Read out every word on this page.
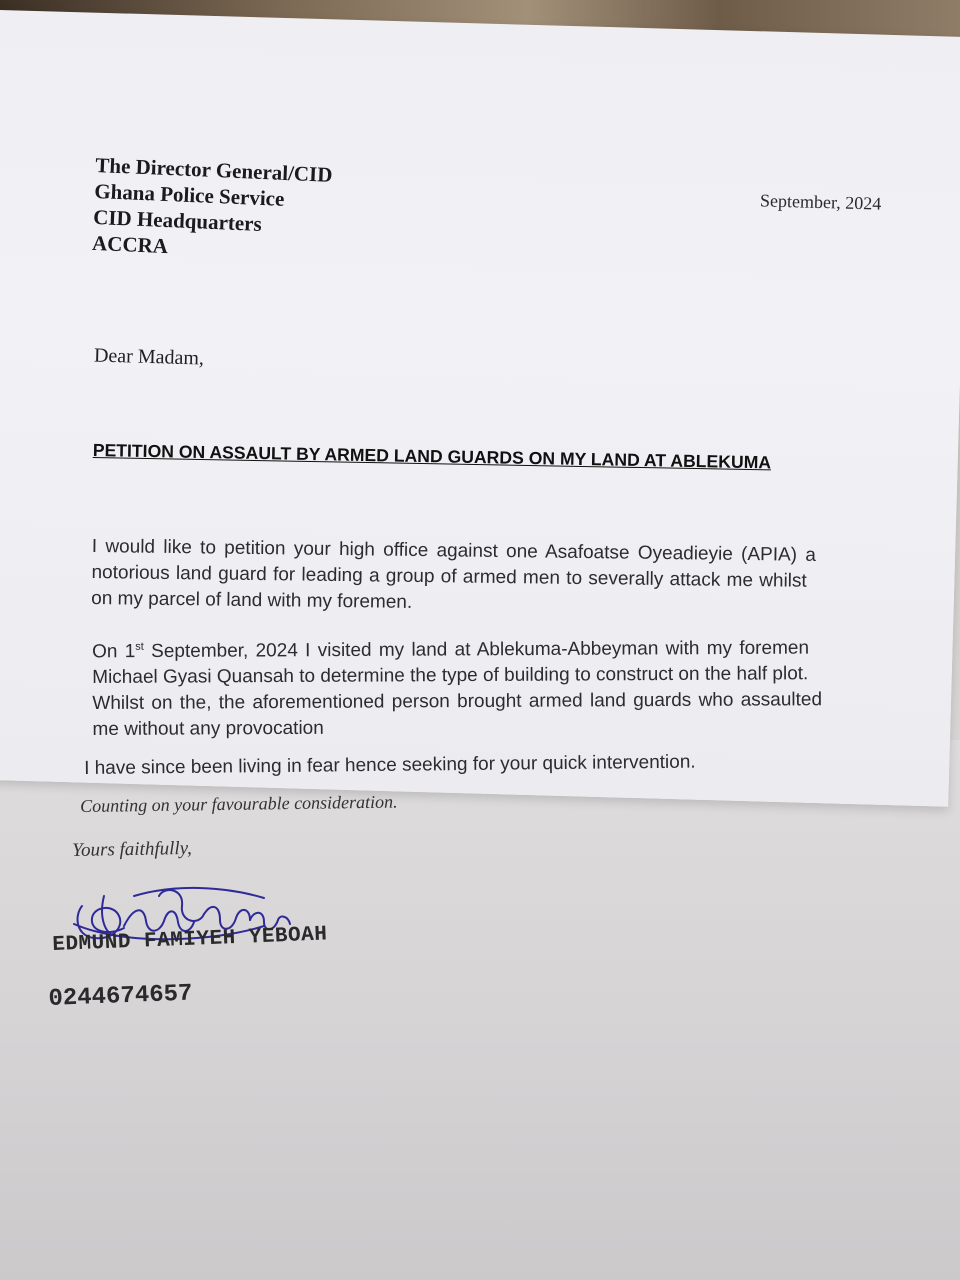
The Director General/CID
Ghana Police Service
CID Headquarters
ACCRA
September, 2024
Dear Madam,
PETITION ON ASSAULT BY ARMED LAND GUARDS ON MY LAND AT ABLEKUMA
I would like to petition your high office against one Asafoatse Oyeadieyie (APIA) a
notorious land guard for leading a group of armed men to severally attack me whilst
on my parcel of land with my foremen.
On 1st September, 2024 I visited my land at Ablekuma-Abbeyman with my foremen
Michael Gyasi Quansah to determine the type of building to construct on the half plot.
Whilst on the, the aforementioned person brought armed land guards who assaulted
me without any provocation
I have since been living in fear hence seeking for your quick intervention.
Counting on your favourable consideration.
Yours faithfully,
EDMUND FAMIYEH YEBOAH
0244674657
